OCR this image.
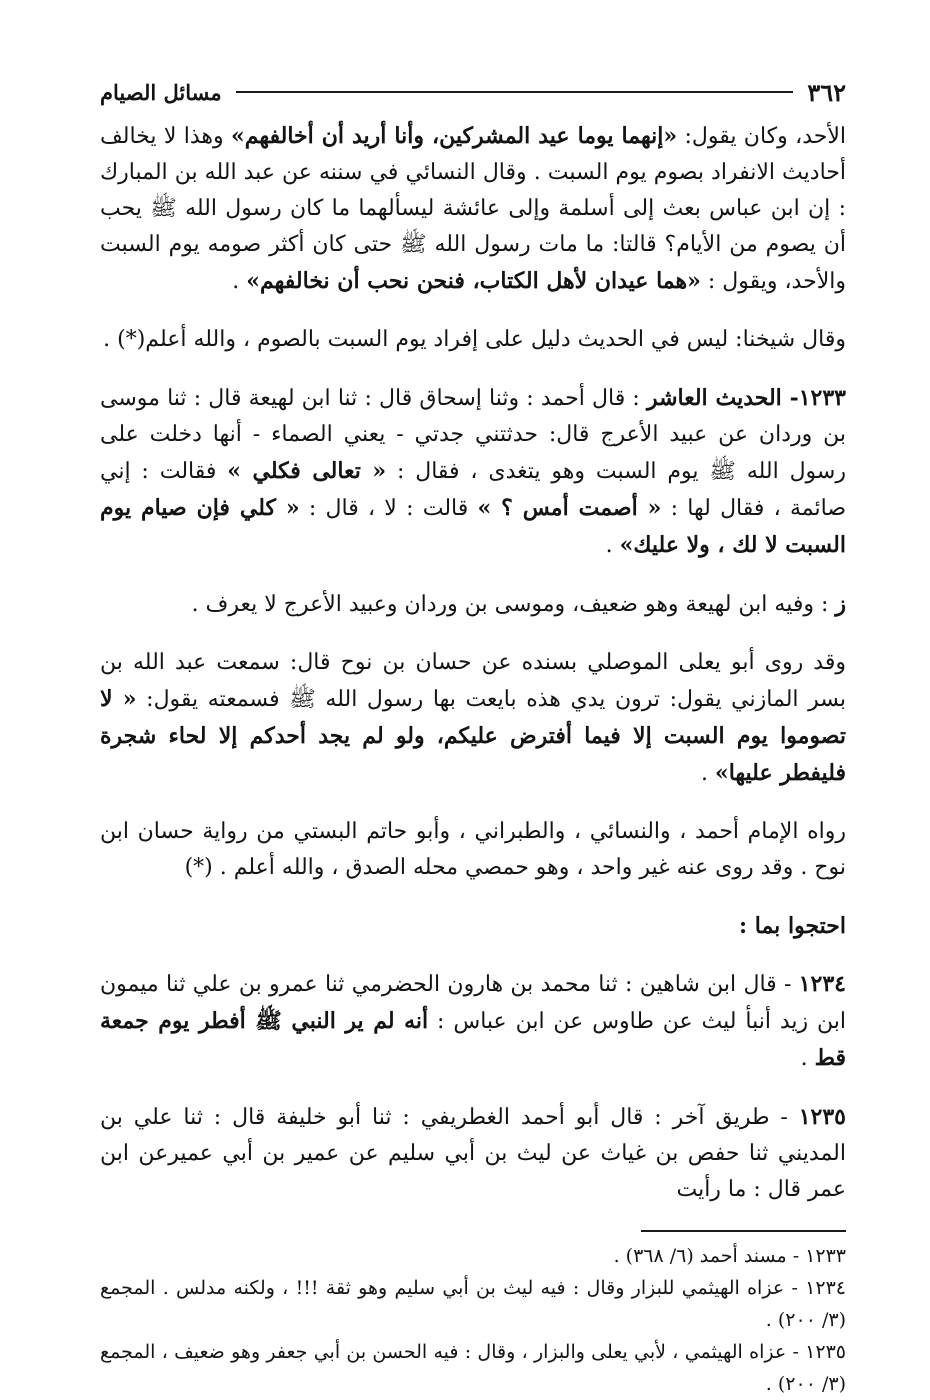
٣٦٢
مسائل الصيام

الأحد، وكان يقول: «إنهما يوما عيد المشركين، وأنا أريد أن أخالفهم» وهذا لا يخالف أحاديث الانفراد بصوم يوم السبت . وقال النسائي في سننه عن عبد الله بن المبارك : إن ابن عباس بعث إلى أسلمة وإلى عائشة ليسألهما ما كان رسول الله ﷺ يحب أن يصوم من الأيام؟ قالتا: ما مات رسول الله ﷺ حتى كان أكثر صومه يوم السبت والأحد، ويقول : «هما عيدان لأهل الكتاب، فنحن نحب أن نخالفهم» .

وقال شيخنا: ليس في الحديث دليل على إفراد يوم السبت بالصوم ، والله أعلم(*) .

١٢٣٣- الحديث العاشر : قال أحمد : وثنا إسحاق قال : ثنا ابن لهيعة قال : ثنا موسى بن وردان عن عبيد الأعرج قال: حدثتني جدتي - يعني الصماء - أنها دخلت على رسول الله ﷺ يوم السبت وهو يتغدى ، فقال : « تعالى فكلي » فقالت : إني صائمة ، فقال لها : « أصمت أمس ؟ » قالت : لا ، قال : « كلي فإن صيام يوم السبت لا لك ، ولا عليك» .

ز : وفيه ابن لهيعة وهو ضعيف، وموسى بن وردان وعبيد الأعرج لا يعرف .

وقد روى أبو يعلى الموصلي بسنده عن حسان بن نوح قال: سمعت عبد الله بن بسر المازني يقول: ترون يدي هذه بايعت بها رسول الله ﷺ فسمعته يقول: « لا تصوموا يوم السبت إلا فيما أفترض عليكم، ولو لم يجد أحدكم إلا لحاء شجرة فليفطر عليها» .

رواه الإمام أحمد ، والنسائي ، والطبراني ، وأبو حاتم البستي من رواية حسان ابن نوح . وقد روى عنه غير واحد ، وهو حمصي محله الصدق ، والله أعلم . (*)

احتجوا بما :

١٢٣٤ - قال ابن شاهين : ثنا محمد بن هارون الحضرمي ثنا عمرو بن علي ثنا ميمون ابن زيد أنبأ ليث عن طاوس عن ابن عباس : أنه لم ير النبي ﷺ أفطر يوم جمعة قط .

١٢٣٥ - طريق آخر : قال أبو أحمد الغطريفي : ثنا أبو خليفة قال : ثنا علي بن المديني ثنا حفص بن غياث عن ليث بن أبي سليم عن عمير بن أبي عميرعن ابن عمر قال : ما رأيت

١٢٣٣ - مسند أحمد (٦/ ٣٦٨) .

١٢٣٤ - عزاه الهيثمي للبزار وقال : فيه ليث بن أبي سليم وهو ثقة !!! ، ولكنه مدلس . المجمع (٣/ ٢٠٠) .

١٢٣٥ - عزاه الهيثمي ، لأبي يعلى والبزار ، وقال : فيه الحسن بن أبي جعفر وهو ضعيف ، المجمع (٣/ ٢٠٠) .
